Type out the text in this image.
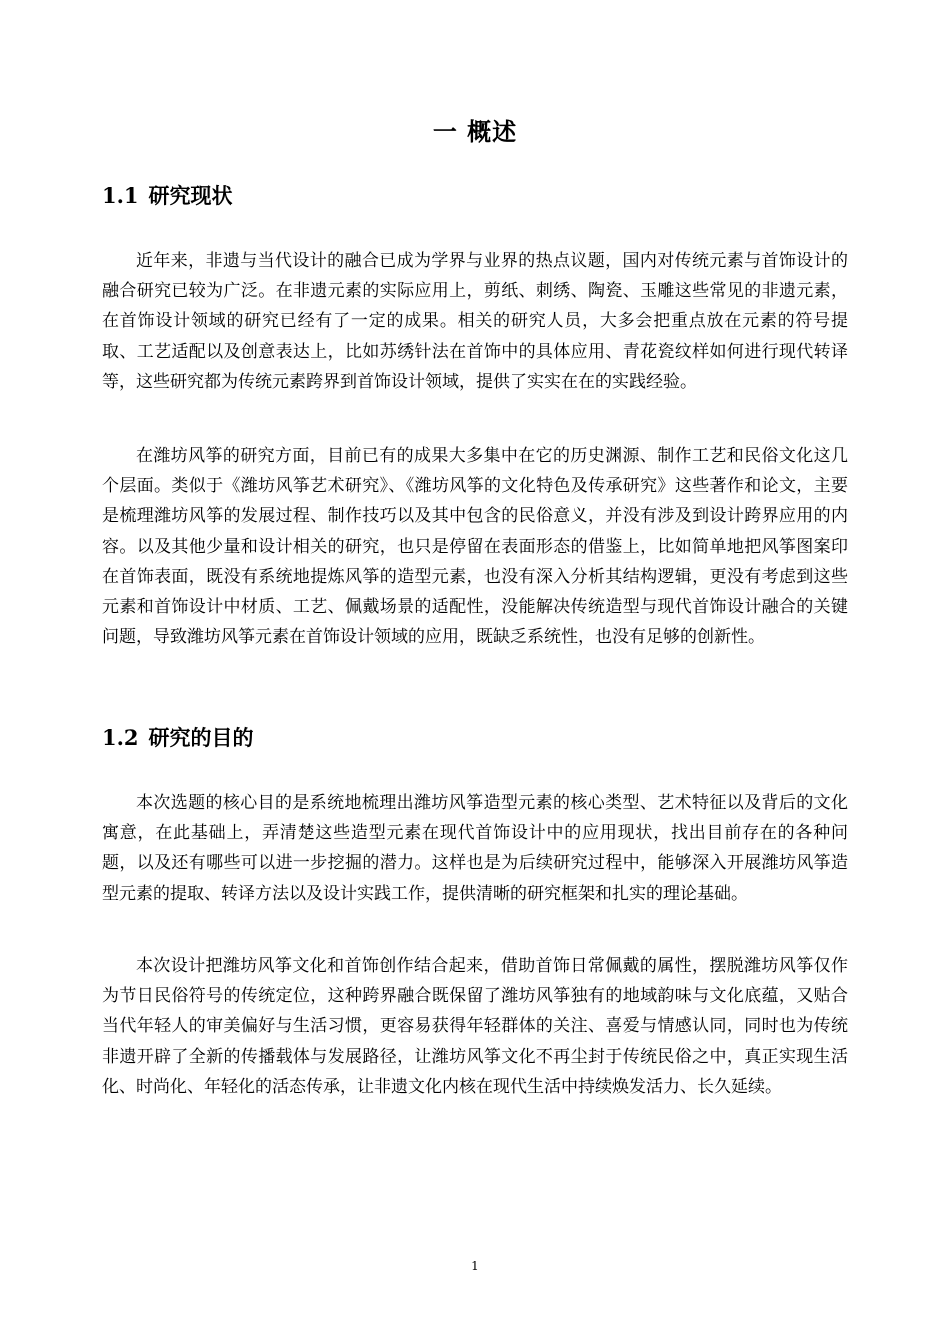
一 概述
1.1 研究现状

近年来，非遗与当代设计的融合已成为学界与业界的热点议题，国内对传统元素与首饰设计的融合研究已较为广泛。在非遗元素的实际应用上，剪纸、刺绣、陶瓷、玉雕这些常见的非遗元素，在首饰设计领域的研究已经有了一定的成果。相关的研究人员，大多会把重点放在元素的符号提取、工艺适配以及创意表达上，比如苏绣针法在首饰中的具体应用、青花瓷纹样如何进行现代转译等，这些研究都为传统元素跨界到首饰设计领域，提供了实实在在的实践经验。

在潍坊风筝的研究方面，目前已有的成果大多集中在它的历史渊源、制作工艺和民俗文化这几个层面。类似于《潍坊风筝艺术研究》、《潍坊风筝的文化特色及传承研究》这些著作和论文，主要是梳理潍坊风筝的发展过程、制作技巧以及其中包含的民俗意义，并没有涉及到设计跨界应用的内容。以及其他少量和设计相关的研究，也只是停留在表面形态的借鉴上，比如简单地把风筝图案印在首饰表面，既没有系统地提炼风筝的造型元素，也没有深入分析其结构逻辑，更没有考虑到这些元素和首饰设计中材质、工艺、佩戴场景的适配性，没能解决传统造型与现代首饰设计融合的关键问题，导致潍坊风筝元素在首饰设计领域的应用，既缺乏系统性，也没有足够的创新性。

1.2 研究的目的

本次选题的核心目的是系统地梳理出潍坊风筝造型元素的核心类型、艺术特征以及背后的文化寓意，在此基础上，弄清楚这些造型元素在现代首饰设计中的应用现状，找出目前存在的各种问题，以及还有哪些可以进一步挖掘的潜力。这样也是为后续研究过程中，能够深入开展潍坊风筝造型元素的提取、转译方法以及设计实践工作，提供清晰的研究框架和扎实的理论基础。

本次设计把潍坊风筝文化和首饰创作结合起来，借助首饰日常佩戴的属性，摆脱潍坊风筝仅作为节日民俗符号的传统定位，这种跨界融合既保留了潍坊风筝独有的地域韵味与文化底蕴，又贴合当代年轻人的审美偏好与生活习惯，更容易获得年轻群体的关注、喜爱与情感认同，同时也为传统非遗开辟了全新的传播载体与发展路径，让潍坊风筝文化不再尘封于传统民俗之中，真正实现生活化、时尚化、年轻化的活态传承，让非遗文化内核在现代生活中持续焕发活力、长久延续。

1
